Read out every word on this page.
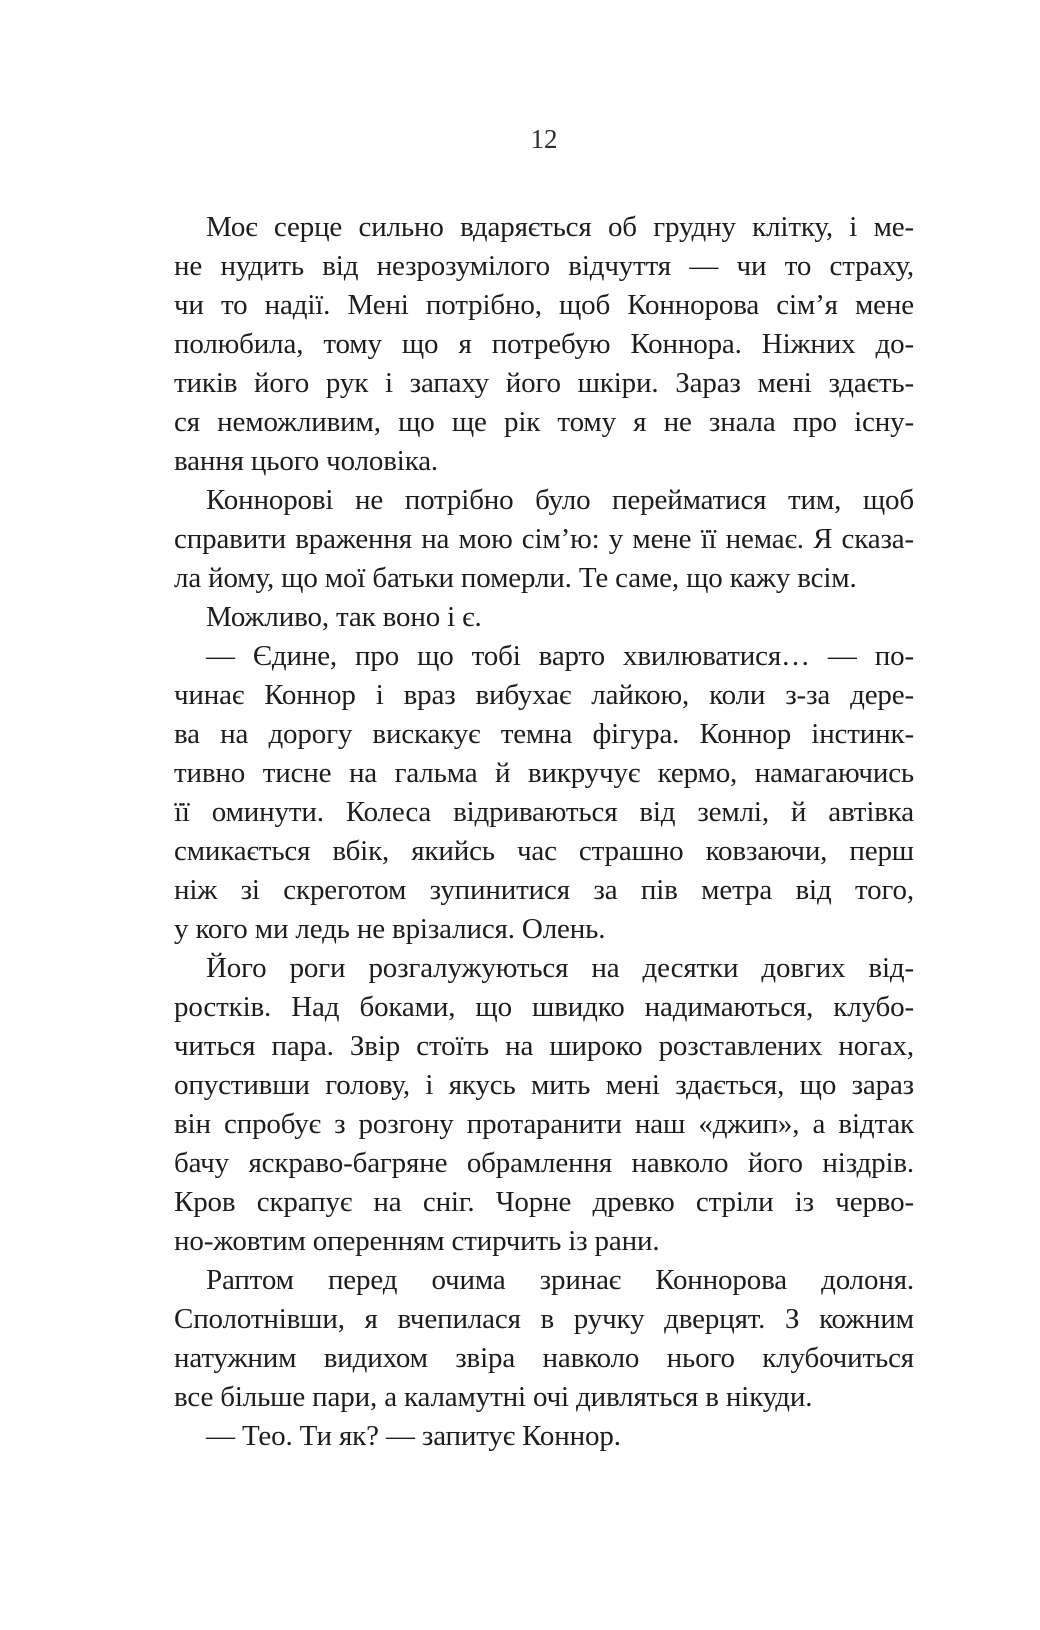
12
Моє серце сильно вдаряється об грудну клітку, і ме-
не нудить від незрозумілого відчуття — чи то страху,
чи то надії. Мені потрібно, щоб Коннорова сім’я мене
полюбила, тому що я потребую Коннора. Ніжних до-
тиків його рук і запаху його шкіри. Зараз мені здаєть-
ся неможливим, що ще рік тому я не знала про існу-
вання цього чоловіка.
Коннорові не потрібно було перейматися тим, щоб
справити враження на мою сім’ю: у мене її немає. Я сказа-
ла йому, що мої батьки померли. Те саме, що кажу всім.
Можливо, так воно і є.
— Єдине, про що тобі варто хвилюватися… — по-
чинає Коннор і враз вибухає лайкою, коли з-за дере-
ва на дорогу вискакує темна фігура. Коннор інстинк-
тивно тисне на гальма й викручує кермо, намагаючись
її оминути. Колеса відриваються від землі, й автівка
смикається вбік, якийсь час страшно ковзаючи, перш
ніж зі скреготом зупинитися за пів метра від того,
у кого ми ледь не врізалися. Олень.
Його роги розгалужуються на десятки довгих від-
ростків. Над боками, що швидко надимаються, клубо-
читься пара. Звір стоїть на широко розставлених ногах,
опустивши голову, і якусь мить мені здається, що зараз
він спробує з розгону протаранити наш «джип», а відтак
бачу яскраво-багряне обрамлення навколо його ніздрів.
Кров скрапує на сніг. Чорне древко стріли із черво-
но-жовтим оперенням стирчить із рани.
Раптом перед очима зринає Коннорова долоня.
Сполотнівши, я вчепилася в ручку дверцят. З кожним
натужним видихом звіра навколо нього клубочиться
все більше пари, а каламутні очі дивляться в нікуди.
— Тео. Ти як? — запитує Коннор.
